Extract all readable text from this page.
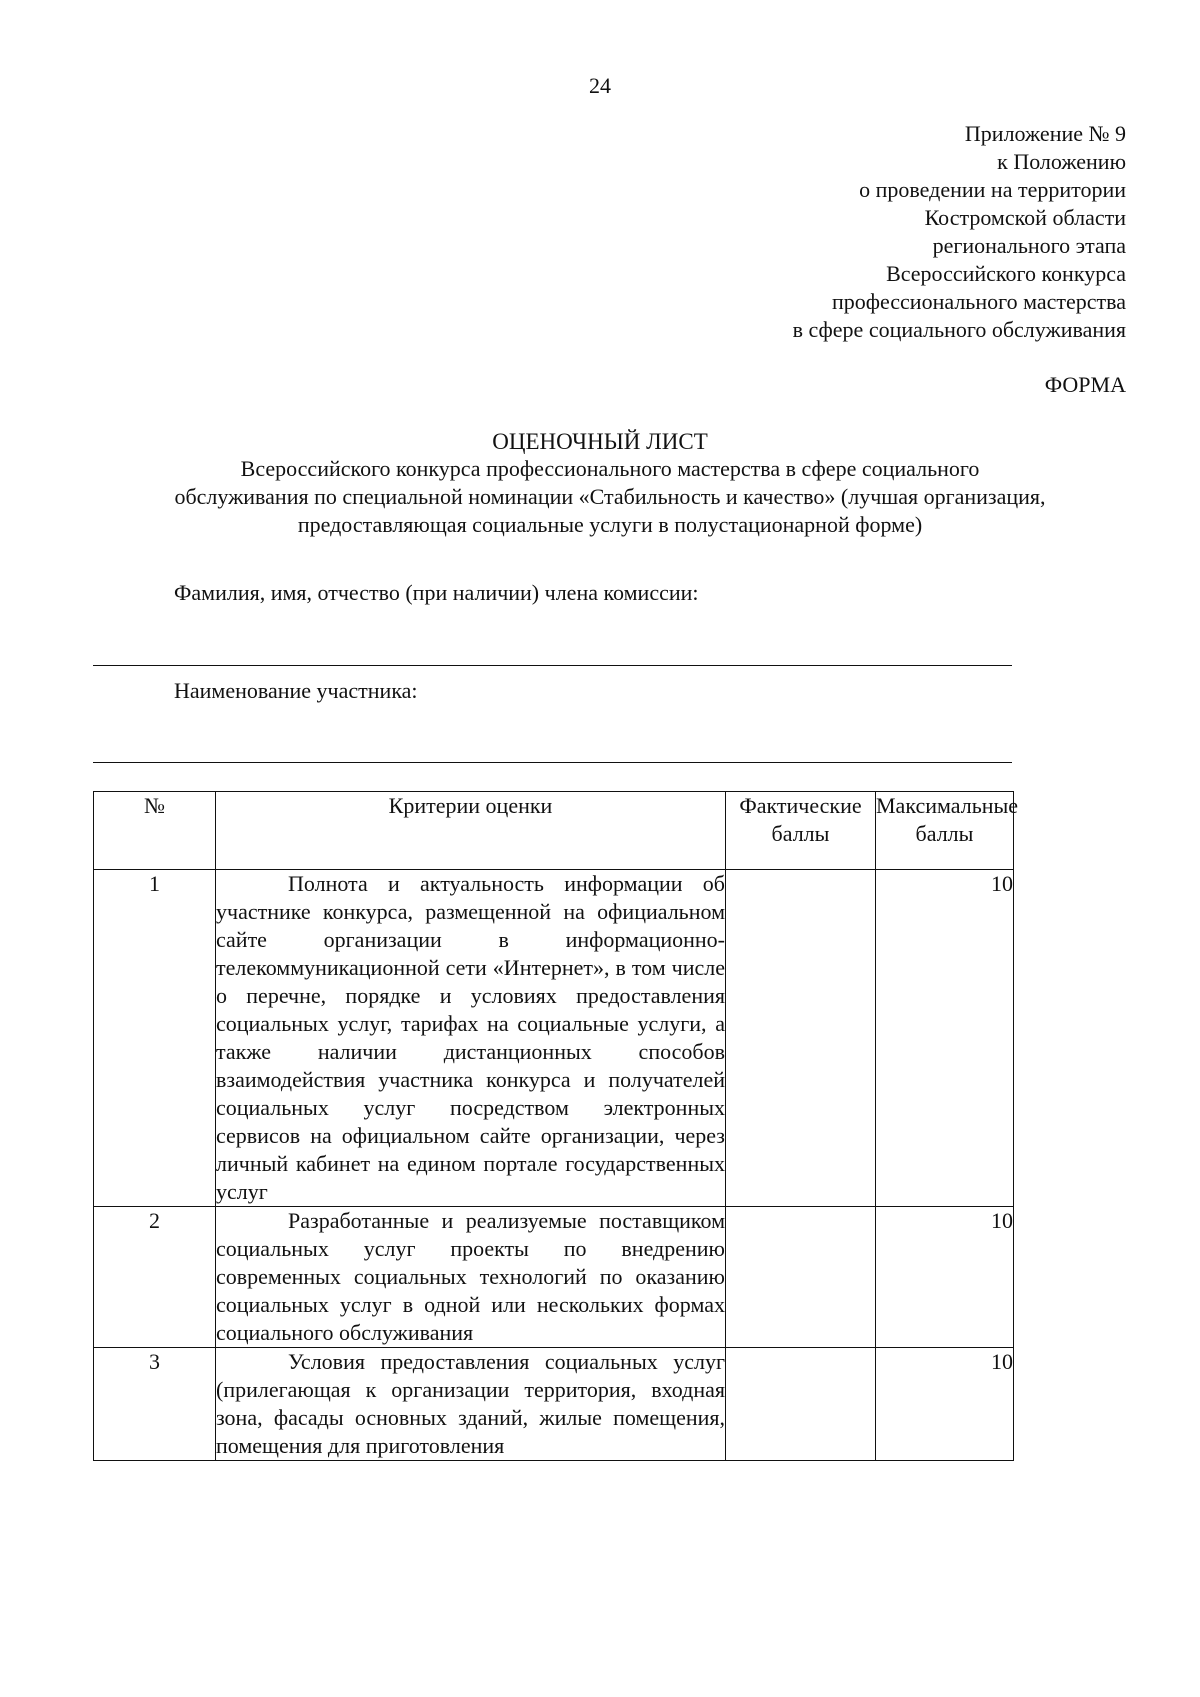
24
Приложение № 9
к Положению
о проведении на территории
Костромской области
регионального этапа
Всероссийского конкурса
профессионального мастерства
в сфере социального обслуживания
ФОРМА
ОЦЕНОЧНЫЙ ЛИСТ
Всероссийского конкурса профессионального мастерства в сфере социального
обслуживания по специальной номинации «Стабильность и качество» (лучшая организация,
предоставляющая социальные услуги в полустационарной форме)
Фамилия, имя, отчество (при наличии) члена комиссии:
Наименование участника:
№	Критерии оценки	Фактические баллы	Максимальные баллы
1	Полнота и актуальность информации об участнике конкурса, размещенной на официальном сайте организации в информационно-телекоммуникационной сети «Интернет», в том числе о перечне, порядке и условиях предоставления социальных услуг, тарифах на социальные услуги, а также наличии дистанционных способов взаимодействия участника конкурса и получателей социальных услуг посредством электронных сервисов на официальном сайте организации, через личный кабинет на едином портале государственных услуг		10
2	Разработанные и реализуемые поставщиком социальных услуг проекты по внедрению современных социальных технологий по оказанию социальных услуг в одной или нескольких формах социального обслуживания		10
3	Условия предоставления социальных услуг (прилегающая к организации территория, входная зона, фасады основных зданий, жилые помещения, помещения для приготовления		10
